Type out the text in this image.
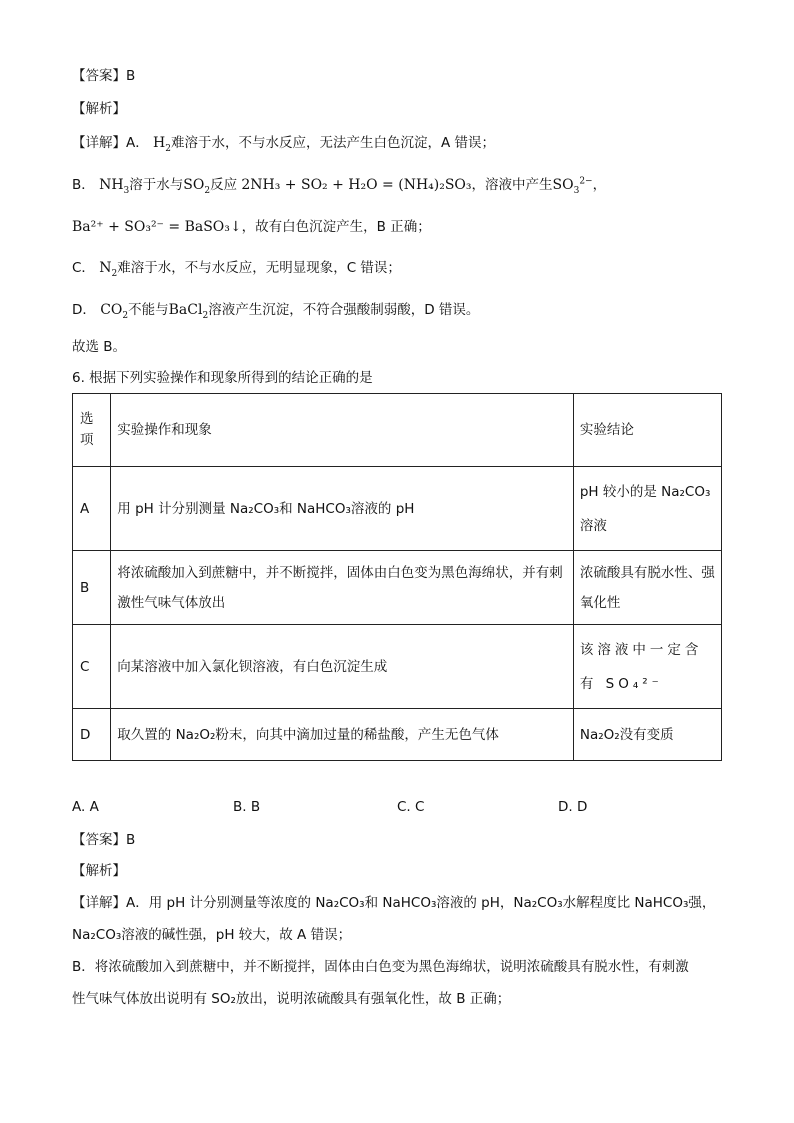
【答案】B
【解析】
【详解】A． $H_2$难溶于水，不与水反应，无法产生白色沉淀，A 错误；
B． $NH_3$溶于水与$SO_2$反应 2NH₃ + SO₂ + H₂O = (NH₄)₂SO₃，溶液中产生$SO_3^{2-}$，
Ba²⁺ + SO₃²⁻ = BaSO₃↓，故有白色沉淀产生，B 正确；
C． $N_2$难溶于水，不与水反应，无明显现象，C 错误；
D． $CO_2$不能与BaCl$_2$溶液产生沉淀，不符合强酸制弱酸，D 错误。
故选 B。
6. 根据下列实验操作和现象所得到的结论正确的是
选项	实验操作和现象	实验结论
A	用 pH 计分别测量 Na₂CO₃和 NaHCO₃溶液的 pH	pH 较小的是 Na₂CO₃溶液
B	将浓硫酸加入到蔗糖中，并不断搅拌，固体由白色变为黑色海绵状，并有刺激性气味气体放出	浓硫酸具有脱水性、强氧化性
C	向某溶液中加入氯化钡溶液，有白色沉淀生成	该溶液中一定含有 SO₄²⁻
D	取久置的 Na₂O₂粉末，向其中滴加过量的稀盐酸，产生无色气体	Na₂O₂没有变质
A. A	B. B	C. C	D. D
【答案】B
【解析】
【详解】A．用 pH 计分别测量等浓度的 Na₂CO₃和 NaHCO₃溶液的 pH，Na₂CO₃水解程度比 NaHCO₃强，
Na₂CO₃溶液的碱性强，pH 较大，故 A 错误；
B．将浓硫酸加入到蔗糖中，并不断搅拌，固体由白色变为黑色海绵状，说明浓硫酸具有脱水性，有刺激
性气味气体放出说明有 SO₂放出，说明浓硫酸具有强氧化性，故 B 正确；
